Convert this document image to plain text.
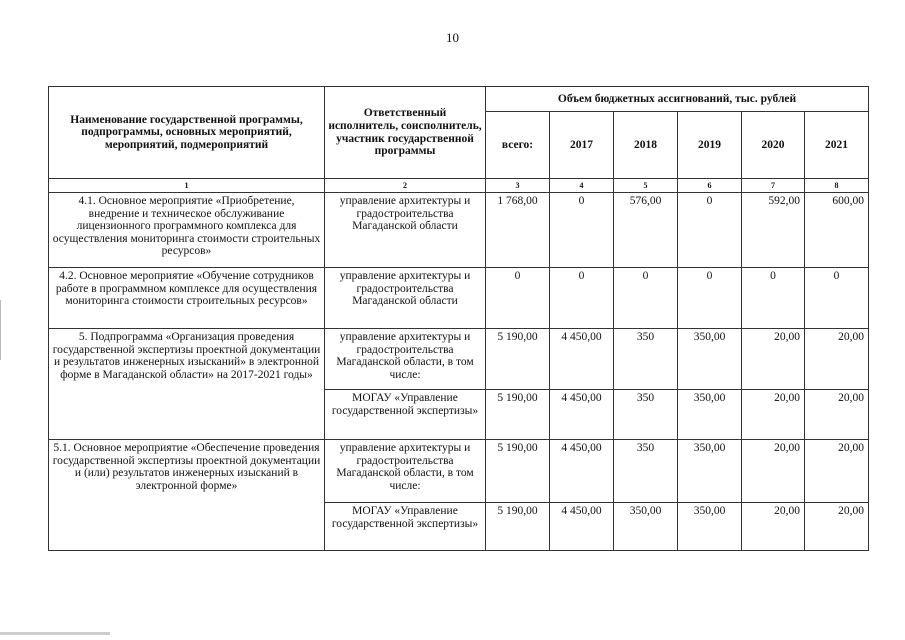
10
Наименование государственной программы, подпрограммы, основных мероприятий, мероприятий, подмероприятий	Ответственный исполнитель, соисполнитель, участник государственной программы	Объем бюджетных ассигнований, тыс. рублей					
		всего:	2017	2018	2019	2020	2021
1	2	3	4	5	6	7	8
4.1. Основное мероприятие «Приобретение, внедрение и техническое обслуживание лицензионного программного комплекса для осуществления мониторинга стоимости строительных ресурсов»	управление архитектуры и градостроительства Магаданской области	1 768,00	0	576,00	0	592,00	600,00
4.2. Основное мероприятие «Обучение сотрудников работе в программном комплексе для осуществления мониторинга стоимости строительных ресурсов»	управление архитектуры и градостроительства Магаданской области	0	0	0	0	0	0
5. Подпрограмма «Организация проведения государственной экспертизы проектной документации и результатов инженерных изысканий» в электронной форме в Магаданской области» на 2017-2021 годы»	управление архитектуры и градостроительства Магаданской области, в том числе:	5 190,00	4 450,00	350	350,00	20,00	20,00
	МОГАУ «Управление государственной экспертизы»	5 190,00	4 450,00	350	350,00	20,00	20,00
5.1. Основное мероприятие «Обеспечение проведения государственной экспертизы проектной документации и (или) результатов инженерных изысканий в электронной форме»	управление архитектуры и градостроительства Магаданской области, в том числе:	5 190,00	4 450,00	350	350,00	20,00	20,00
	МОГАУ «Управление государственной экспертизы»	5 190,00	4 450,00	350,00	350,00	20,00	20,00
